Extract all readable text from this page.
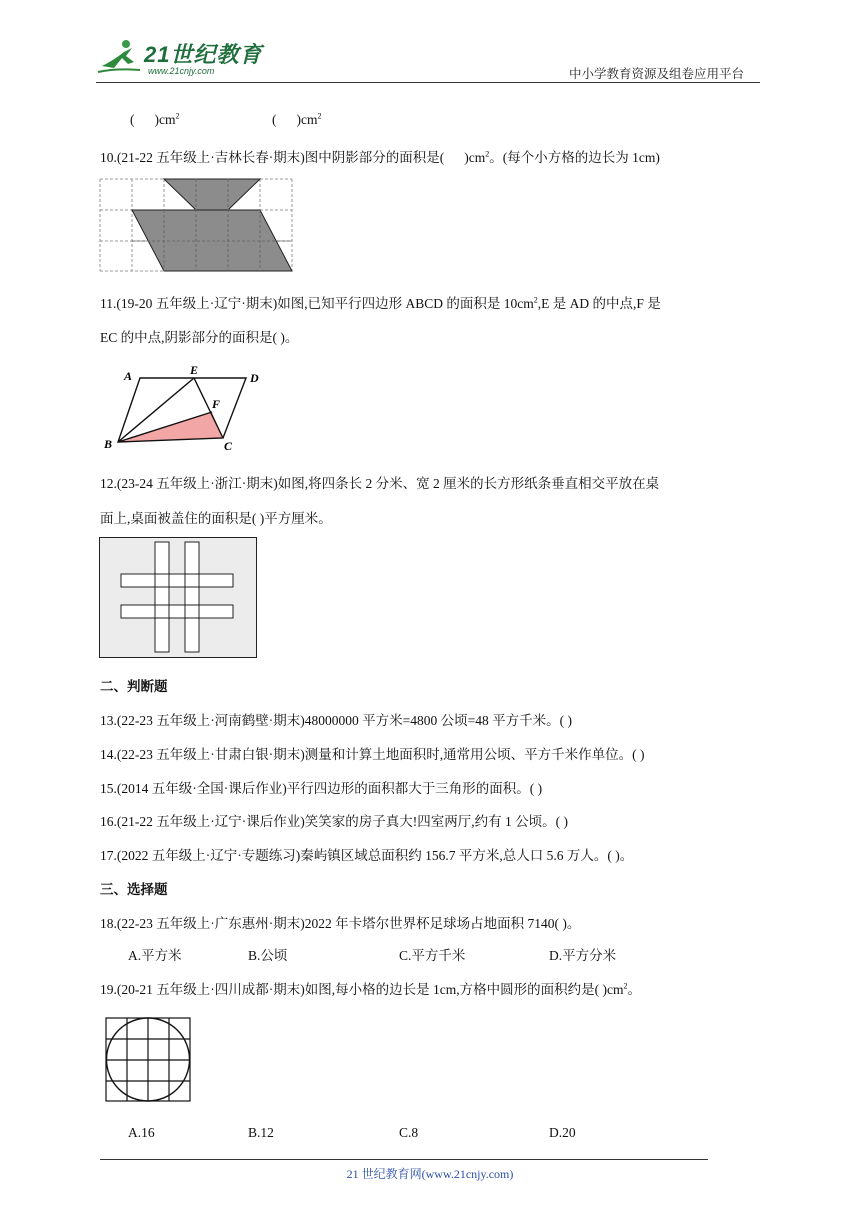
21世纪教育
www.21cnjy.com	中小学教育资源及组卷应用平台
( )$cm^2$	( )$cm^2$
10.(21-22 五年级上·吉林长春·期末)图中阴影部分的面积是( )$cm^2$。(每个小方格的边长为 1cm)
11.(19-20 五年级上·辽宁·期末)如图,已知平行四边形 ABCD 的面积是 $10cm^2,E$ 是 AD 的中点,F 是
EC 的中点,阴影部分的面积是( )。
A	E
D
F
B	C
12.(23-24 五年级上·浙江·期末)如图,将四条长 2 分米、宽 2 厘米的长方形纸条垂直相交平放在桌
面上,桌面被盖住的面积是( )平方厘米。
二、判断题
13.(22-23 五年级上·河南鹤壁·期末)48000000 平方米=4800 公顷=48 平方千米。( )
14.(22-23 五年级上·甘肃白银·期末)测量和计算土地面积时,通常用公顷、平方千米作单位。( )
15.(2014 五年级·全国·课后作业)平行四边形的面积都大于三角形的面积。( )
16.(21-22 五年级上·辽宁·课后作业)笑笑家的房子真大!四室两厅,约有 1 公顷。( )
17.(2022 五年级上·辽宁·专题练习)秦屿镇区域总面积约 156.7 平方米,总人口 5.6 万人。( )。
三、选择题
18.(22-23 五年级上·广东惠州·期末)2022 年卡塔尔世界杯足球场占地面积 7140( )。
A.平方米	B.公顷	C.平方千米	D.平方分米
19.(20-21 五年级上·四川成都·期末)如图,每小格的边长是 1cm,方格中圆形的面积约是( )$cm^2$。
A.16	B.12	C.8	D.20
21 世纪教育网(www.21cnjy.com)
